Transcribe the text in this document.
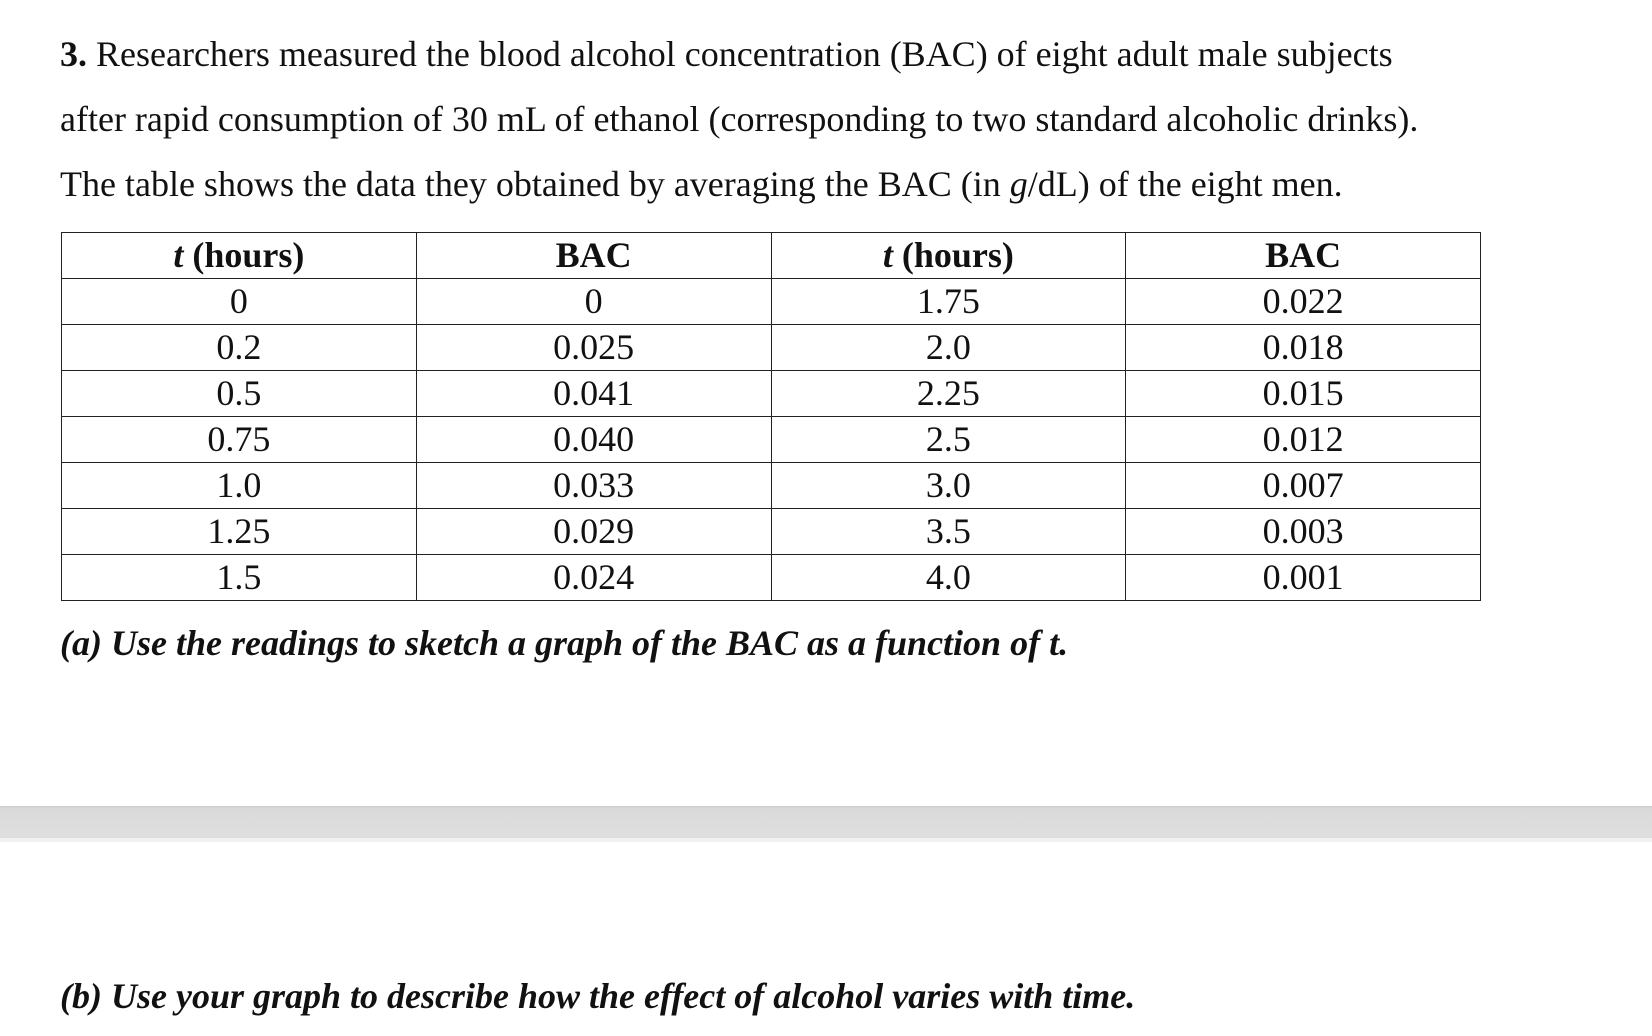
3. Researchers measured the blood alcohol concentration (BAC) of eight adult male subjects
after rapid consumption of 30 mL of ethanol (corresponding to two standard alcoholic drinks).
The table shows the data they obtained by averaging the BAC (in g/dL) of the eight men.
t (hours)	BAC	t (hours)	BAC
0	0	1.75	0.022
0.2	0.025	2.0	0.018
0.5	0.041	2.25	0.015
0.75	0.040	2.5	0.012
1.0	0.033	3.0	0.007
1.25	0.029	3.5	0.003
1.5	0.024	4.0	0.001

(a) Use the readings to sketch a graph of the BAC as a function of t.

(b) Use your graph to describe how the effect of alcohol varies with time.
